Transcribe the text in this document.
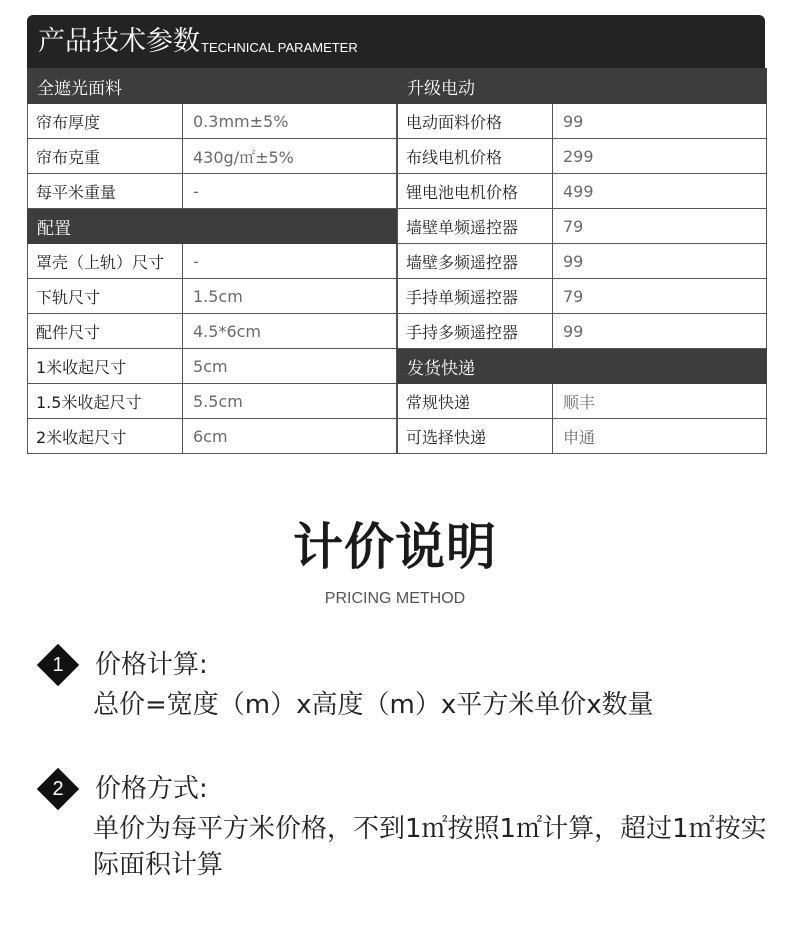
产品技术参数 TECHNICAL PARAMETER
全遮光面料	
帘布厚度	0.3mm±5%
帘布克重	430g/㎡±5%
每平米重量	-
配置	
罩壳（上轨）尺寸	-
下轨尺寸	1.5cm
配件尺寸	4.5*6cm
1米收起尺寸	5cm
1.5米收起尺寸	5.5cm
2米收起尺寸	6cm
升级电动	
电动面料价格	99
布线电机价格	299
锂电池电机价格	499
墙壁单频遥控器	79
墙壁多频遥控器	99
手持单频遥控器	79
手持多频遥控器	99
发货快递	
常规快递	顺丰
可选择快递	申通
计价说明
PRICING METHOD
1	价格计算:
总价=宽度（m）x高度（m）x平方米单价x数量
2	价格方式:
单价为每平方米价格，不到1㎡按照1㎡计算，超过1㎡按实际面积计算
